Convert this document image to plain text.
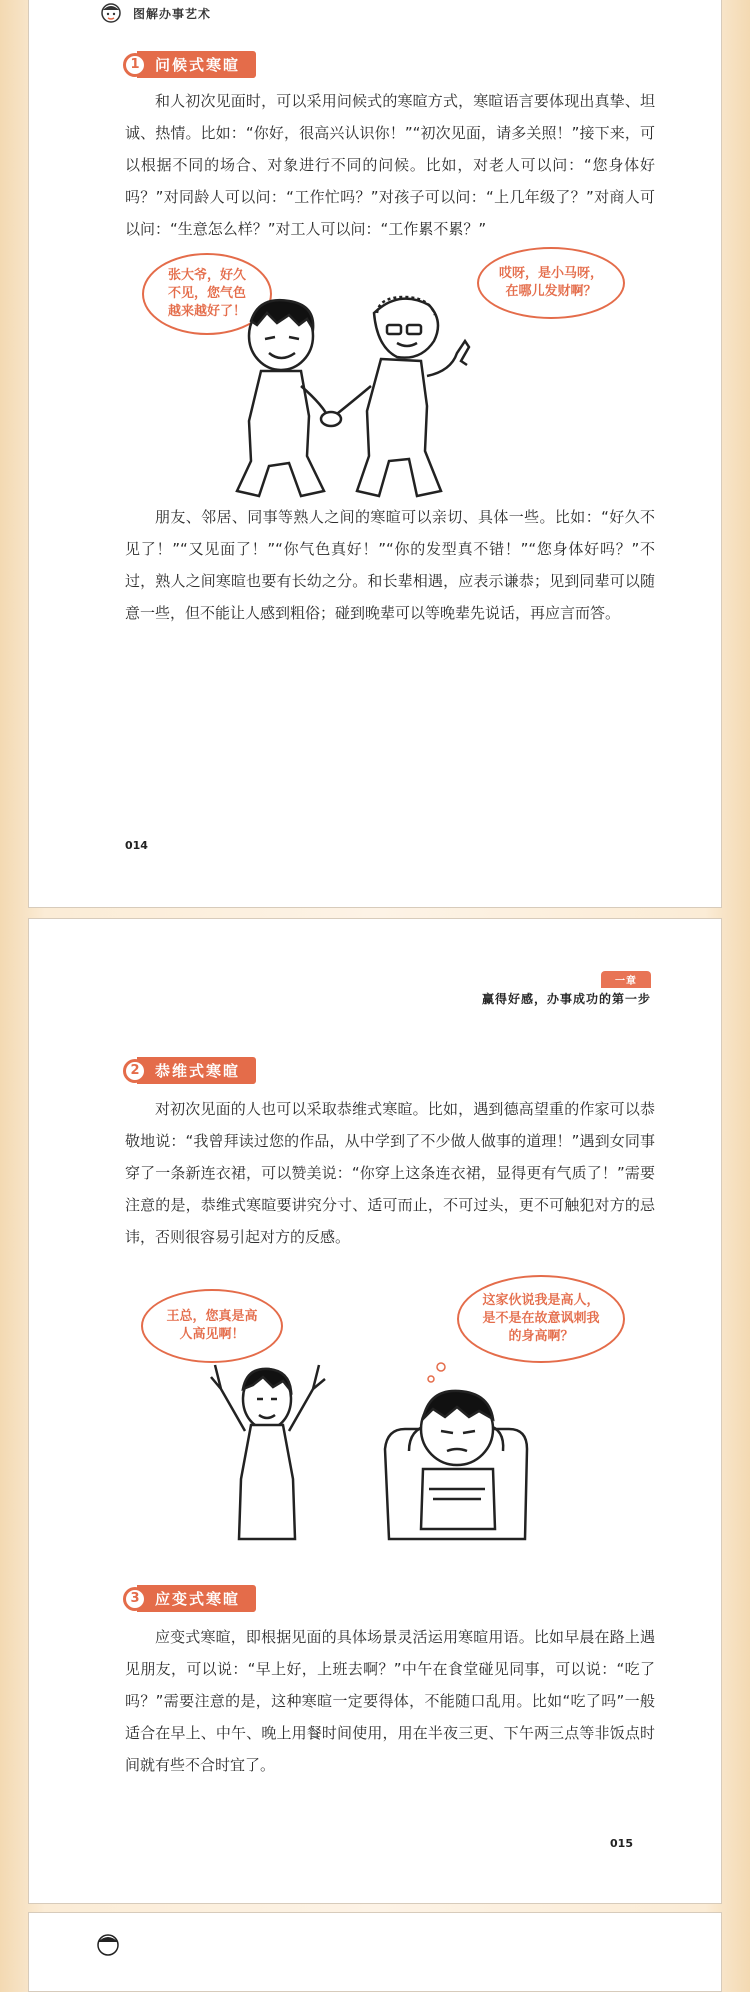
图解办事艺术
1	问候式寒暄

和人初次见面时，可以采用问候式的寒暄方式，寒暄语言要体现出真挚、坦诚、热情。比如：“你好，很高兴认识你！”“初次见面，请多关照！”接下来，可以根据不同的场合、对象进行不同的问候。比如，对老人可以问：“您身体好吗？”对同龄人可以问：“工作忙吗？”对孩子可以问：“上几年级了？”对商人可以问：“生意怎么样？”对工人可以问：“工作累不累？”

张大爷，好久不见，您气色越来越好了！
哎呀，是小马呀，在哪儿发财啊？

朋友、邻居、同事等熟人之间的寒暄可以亲切、具体一些。比如：“好久不见了！”“又见面了！”“你气色真好！”“你的发型真不错！”“您身体好吗？”不过，熟人之间寒暄也要有长幼之分。和长辈相遇，应表示谦恭；见到同辈可以随意一些，但不能让人感到粗俗；碰到晚辈可以等晚辈先说话，再应言而答。

014
一章
赢得好感，办事成功的第一步
2	恭维式寒暄

对初次见面的人也可以采取恭维式寒暄。比如，遇到德高望重的作家可以恭敬地说：“我曾拜读过您的作品，从中学到了不少做人做事的道理！”遇到女同事穿了一条新连衣裙，可以赞美说：“你穿上这条连衣裙，显得更有气质了！”需要注意的是，恭维式寒暄要讲究分寸、适可而止，不可过头，更不可触犯对方的忌讳，否则很容易引起对方的反感。

王总，您真是高人高见啊！
这家伙说我是高人，是不是在故意讽刺我的身高啊？
3	应变式寒暄

应变式寒暄，即根据见面的具体场景灵活运用寒暄用语。比如早晨在路上遇见朋友，可以说：“早上好，上班去啊？”中午在食堂碰见同事，可以说：“吃了吗？”需要注意的是，这种寒暄一定要得体，不能随口乱用。比如“吃了吗”一般适合在早上、中午、晚上用餐时间使用，用在半夜三更、下午两三点等非饭点时间就有些不合时宜了。

015
